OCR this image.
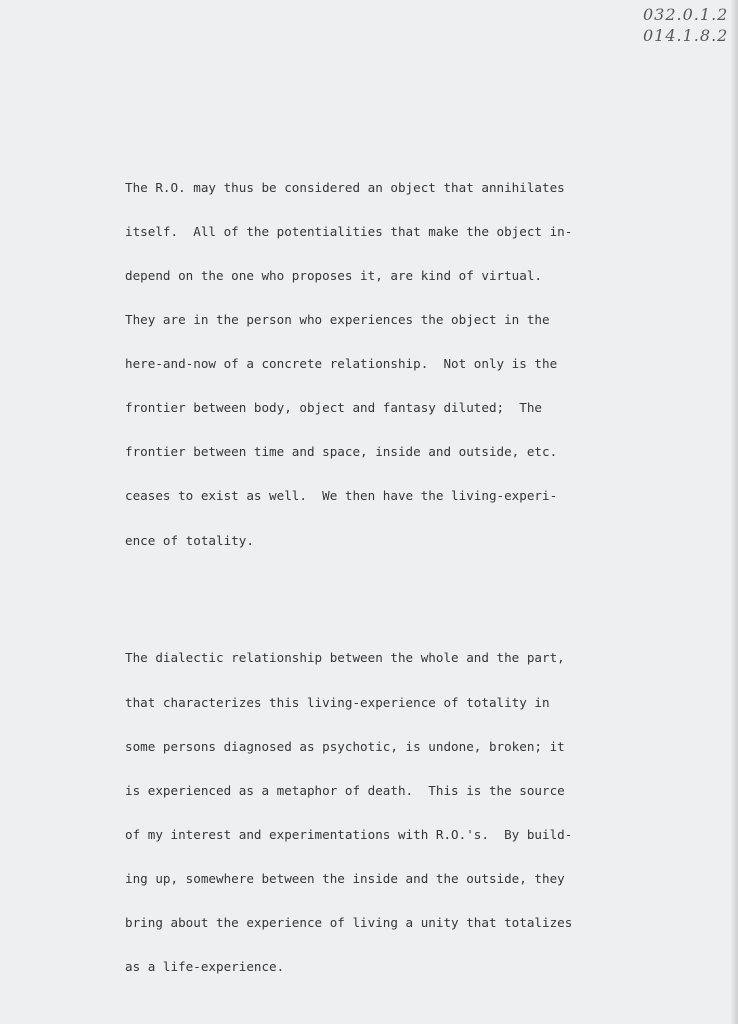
032.0.1.2
014.1.8.2

The R.O. may thus be considered an object that annihilates

itself.  All of the potentialities that make the object in-

depend on the one who proposes it, are kind of virtual.

They are in the person who experiences the object in the

here-and-now of a concrete relationship.  Not only is the

frontier between body, object and fantasy diluted;  The

frontier between time and space, inside and outside, etc.

ceases to exist as well.  We then have the living-experi-

ence of totality.

The dialectic relationship between the whole and the part,

that characterizes this living-experience of totality in

some persons diagnosed as psychotic, is undone, broken; it

is experienced as a metaphor of death.  This is the source

of my interest and experimentations with R.O.'s.  By build-

ing up, somewhere between the inside and the outside, they

bring about the experience of living a unity that totalizes

as a life-experience.
